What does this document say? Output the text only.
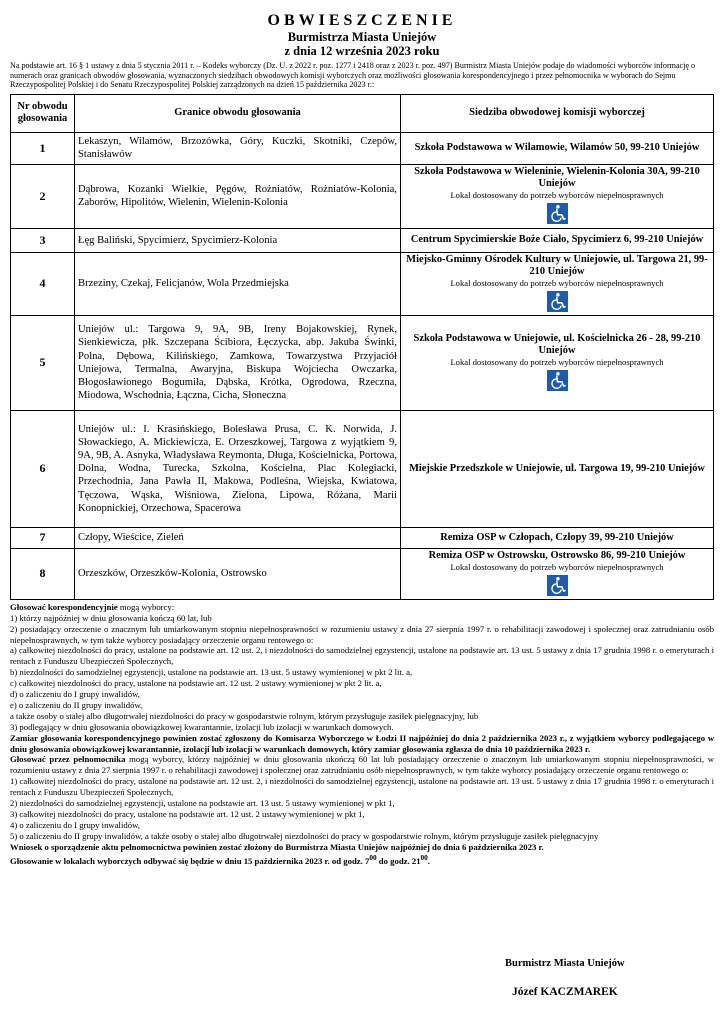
OBWIESZCZENIE
Burmistrza Miasta Uniejów
z dnia 12 września 2023 roku
Na podstawie art. 16 § 1 ustawy z dnia 5 stycznia 2011 r. – Kodeks wyborczy (Dz. U. z 2022 r. poz. 1277 i 2418 oraz z 2023 r. poz. 497) Burmistrz Miasta Uniejów podaje do wiadomości wyborców informację o numerach oraz granicach obwodów głosowania, wyznaczonych siedzibach obwodowych komisji wyborczych oraz możliwości głosowania korespondencyjnego i przez pełnomocnika w wyborach do Sejmu Rzeczypospolitej Polskiej i do Senatu Rzeczypospolitej Polskiej zarządzonych na dzień 15 października 2023 r.:
Nr obwodu głosowania	Granice obwodu głosowania	Siedziba obwodowej komisji wyborczej
1	Lekaszyn, Wilamów, Brzozówka, Góry, Kuczki, Skotniki, Czepów, Stanisławów	Szkoła Podstawowa w Wilamowie, Wilamów 50, 99-210 Uniejów

2	Dąbrowa, Kozanki Wielkie, Pęgów, Rożniatów, Rożniatów-Kolonia, Zaborów, Hipolitów, Wielenin, Wielenin-Kolonia	Szkoła Podstawowa w Wieleninie, Wielenin-Kolonia 30A, 99-210 Uniejów
Lokal dostosowany do potrzeb wyborców niepełnosprawnych

3	Łęg Baliński, Spycimierz, Spycimierz-Kolonia	Centrum Spycimierskie Boże Ciało, Spycimierz 6, 99-210 Uniejów

4	Brzeziny, Czekaj, Felicjanów, Wola Przedmiejska	Miejsko-Gminny Ośrodek Kultury w Uniejowie, ul. Targowa 21, 99-210 Uniejów
Lokal dostosowany do potrzeb wyborców niepełnosprawnych

5	Uniejów ul.: Targowa 9, 9A, 9B, Ireny Bojakowskiej, Rynek, Sienkiewicza, płk. Szczepana Ścibiora, Łęczycka, abp. Jakuba Świnki, Polna, Dębowa, Kilińskiego, Zamkowa, Towarzystwa Przyjaciół Uniejowa, Termalna, Awaryjna, Biskupa Wojciecha Owczarka, Błogosławionego Bogumiła, Dąbska, Krótka, Ogrodowa, Rzeczna, Miodowa, Wschodnia, Łączna, Cicha, Słoneczna	Szkoła Podstawowa w Uniejowie, ul. Kościelnicka 26 - 28, 99-210 Uniejów
Lokal dostosowany do potrzeb wyborców niepełnosprawnych

6	Uniejów ul.: I. Krasińskiego, Bolesława Prusa, C. K. Norwida, J. Słowackiego, A. Mickiewicza, E. Orzeszkowej, Targowa z wyjątkiem 9, 9A, 9B, A. Asnyka, Władysława Reymonta, Długa, Kościelnicka, Portowa, Dolna, Wodna, Turecka, Szkolna, Kościelna, Plac Kolegiacki, Przechodnia, Jana Pawła II, Makowa, Podleśna, Wiejska, Kwiatowa, Tęczowa, Wąska, Wiśniowa, Zielona, Lipowa, Różana, Marii Konopnickiej, Orzechowa, Spacerowa	Miejskie Przedszkole w Uniejowie, ul. Targowa 19, 99-210 Uniejów

7	Człopy, Wieścice, Zieleń	Remiza OSP w Człopach, Człopy 39, 99-210 Uniejów

8	Orzeszków, Orzeszków-Kolonia, Ostrowsko	Remiza OSP w Ostrowsku, Ostrowsko 86, 99-210 Uniejów
Lokal dostosowany do potrzeb wyborców niepełnosprawnych

Głosować korespondencyjnie mogą wyborcy:

1) którzy najpóźniej w dniu głosowania kończą 60 lat, lub

2) posiadający orzeczenie o znacznym lub umiarkowanym stopniu niepełnosprawności w rozumieniu ustawy z dnia 27 sierpnia 1997 r. o rehabilitacji zawodowej i społecznej oraz zatrudnianiu osób niepełnosprawnych, w tym także wyborcy posiadający orzeczenie organu rentowego o:

a) całkowitej niezdolności do pracy, ustalone na podstawie art. 12 ust. 2, i niezdolności do samodzielnej egzystencji, ustalone na podstawie art. 13 ust. 5 ustawy z dnia 17 grudnia 1998 r. o emeryturach i rentach z Funduszu Ubezpieczeń Społecznych,

b) niezdolności do samodzielnej egzystencji, ustalone na podstawie art. 13 ust. 5 ustawy wymienionej w pkt 2 lit. a,

c) całkowitej niezdolności do pracy, ustalone na podstawie art. 12 ust. 2 ustawy wymienionej w pkt 2 lit. a,

d) o zaliczeniu do I grupy inwalidów,

e) o zaliczeniu do II grupy inwalidów,

a także osoby o stałej albo długotrwałej niezdolności do pracy w gospodarstwie rolnym, którym przysługuje zasiłek pielęgnacyjny, lub

3) podlegający w dniu głosowania obowiązkowej kwarantannie, izolacji lub izolacji w warunkach domowych.

Zamiar głosowania korespondencyjnego powinien zostać zgłoszony do Komisarza Wyborczego w Łodzi II najpóźniej do dnia 2 października 2023 r., z wyjątkiem wyborcy podlegającego w dniu głosowania obowiązkowej kwarantannie, izolacji lub izolacji w warunkach domowych, który zamiar głosowania zgłasza do dnia 10 października 2023 r.

Głosować przez pełnomocnika mogą wyborcy, którzy najpóźniej w dniu głosowania ukończą 60 lat lub posiadający orzeczenie o znacznym lub umiarkowanym stopniu niepełnosprawności, w rozumieniu ustawy z dnia 27 sierpnia 1997 r. o rehabilitacji zawodowej i społecznej oraz zatrudnianiu osób niepełnosprawnych, w tym także wyborcy posiadający orzeczenie organu rentowego o:

1) całkowitej niezdolności do pracy, ustalone na podstawie art. 12 ust. 2, i niezdolności do samodzielnej egzystencji, ustalone na podstawie art. 13 ust. 5 ustawy z dnia 17 grudnia 1998 r. o emeryturach i rentach z Funduszu Ubezpieczeń Społecznych,

2) niezdolności do samodzielnej egzystencji, ustalone na podstawie art. 13 ust. 5 ustawy wymienionej w pkt 1,

3) całkowitej niezdolności do pracy, ustalone na podstawie art. 12 ust. 2 ustawy wymienionej w pkt 1,

4) o zaliczeniu do I grupy inwalidów,

5) o zaliczeniu do II grupy inwalidów, a także osoby o stałej albo długotrwałej niezdolności do pracy w gospodarstwie rolnym, którym przysługuje zasiłek pielęgnacyjny

Wniosek o sporządzenie aktu pełnomocnictwa powinien zostać złożony do Burmistrza Miasta Uniejów najpóźniej do dnia 6 października 2023 r.

Głosowanie w lokalach wyborczych odbywać się będzie w dniu 15 października 2023 r. od godz. $7^{00}$ do godz. $21^{00}$.

Burmistrz Miasta Uniejów
Józef KACZMAREK
